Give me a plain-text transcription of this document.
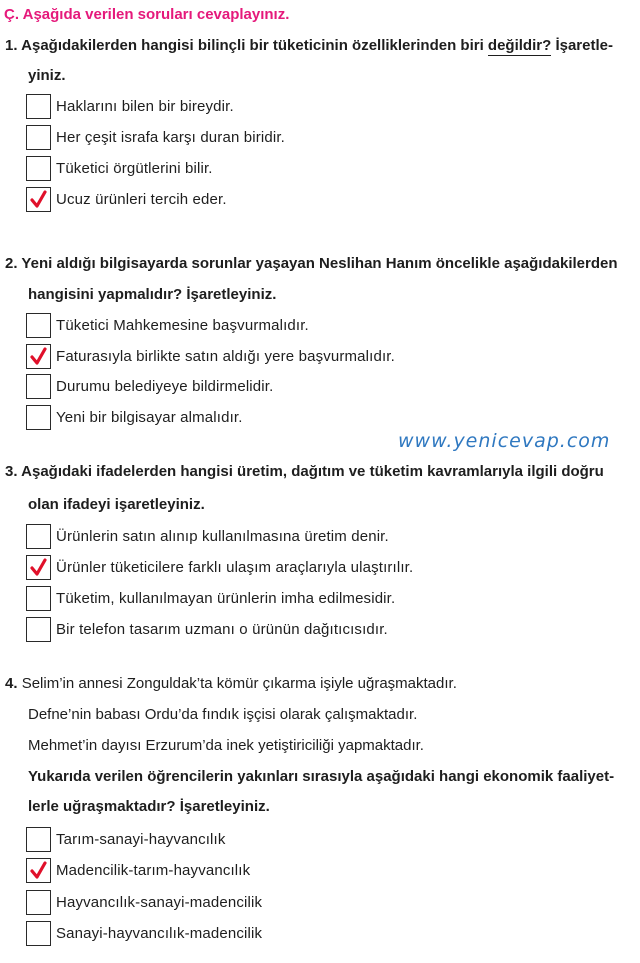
Ç. Aşağıda verilen soruları cevaplayınız.
1. Aşağıdakilerden hangisi bilinçli bir tüketicinin özelliklerinden biri değildir? İşaretle-
yiniz.
Haklarını bilen bir bireydir.
Her çeşit israfa karşı duran biridir.
Tüketici örgütlerini bilir.
Ucuz ürünleri tercih eder.
2. Yeni aldığı bilgisayarda sorunlar yaşayan Neslihan Hanım öncelikle aşağıdakilerden
hangisini yapmalıdır? İşaretleyiniz.
Tüketici Mahkemesine başvurmalıdır.
Faturasıyla birlikte satın aldığı yere başvurmalıdır.
Durumu belediyeye bildirmelidir.
Yeni bir bilgisayar almalıdır.
www.yenicevap.com
3. Aşağıdaki ifadelerden hangisi üretim, dağıtım ve tüketim kavramlarıyla ilgili doğru
olan ifadeyi işaretleyiniz.
Ürünlerin satın alınıp kullanılmasına üretim denir.
Ürünler tüketicilere farklı ulaşım araçlarıyla ulaştırılır.
Tüketim, kullanılmayan ürünlerin imha edilmesidir.
Bir telefon tasarım uzmanı o ürünün dağıtıcısıdır.
4. Selim’in annesi Zonguldak’ta kömür çıkarma işiyle uğraşmaktadır.
Defne’nin babası Ordu’da fındık işçisi olarak çalışmaktadır.
Mehmet’in dayısı Erzurum’da inek yetiştiriciliği yapmaktadır.
Yukarıda verilen öğrencilerin yakınları sırasıyla aşağıdaki hangi ekonomik faaliyet-
lerle uğraşmaktadır? İşaretleyiniz.
Tarım-sanayi-hayvancılık
Madencilik-tarım-hayvancılık
Hayvancılık-sanayi-madencilik
Sanayi-hayvancılık-madencilik
